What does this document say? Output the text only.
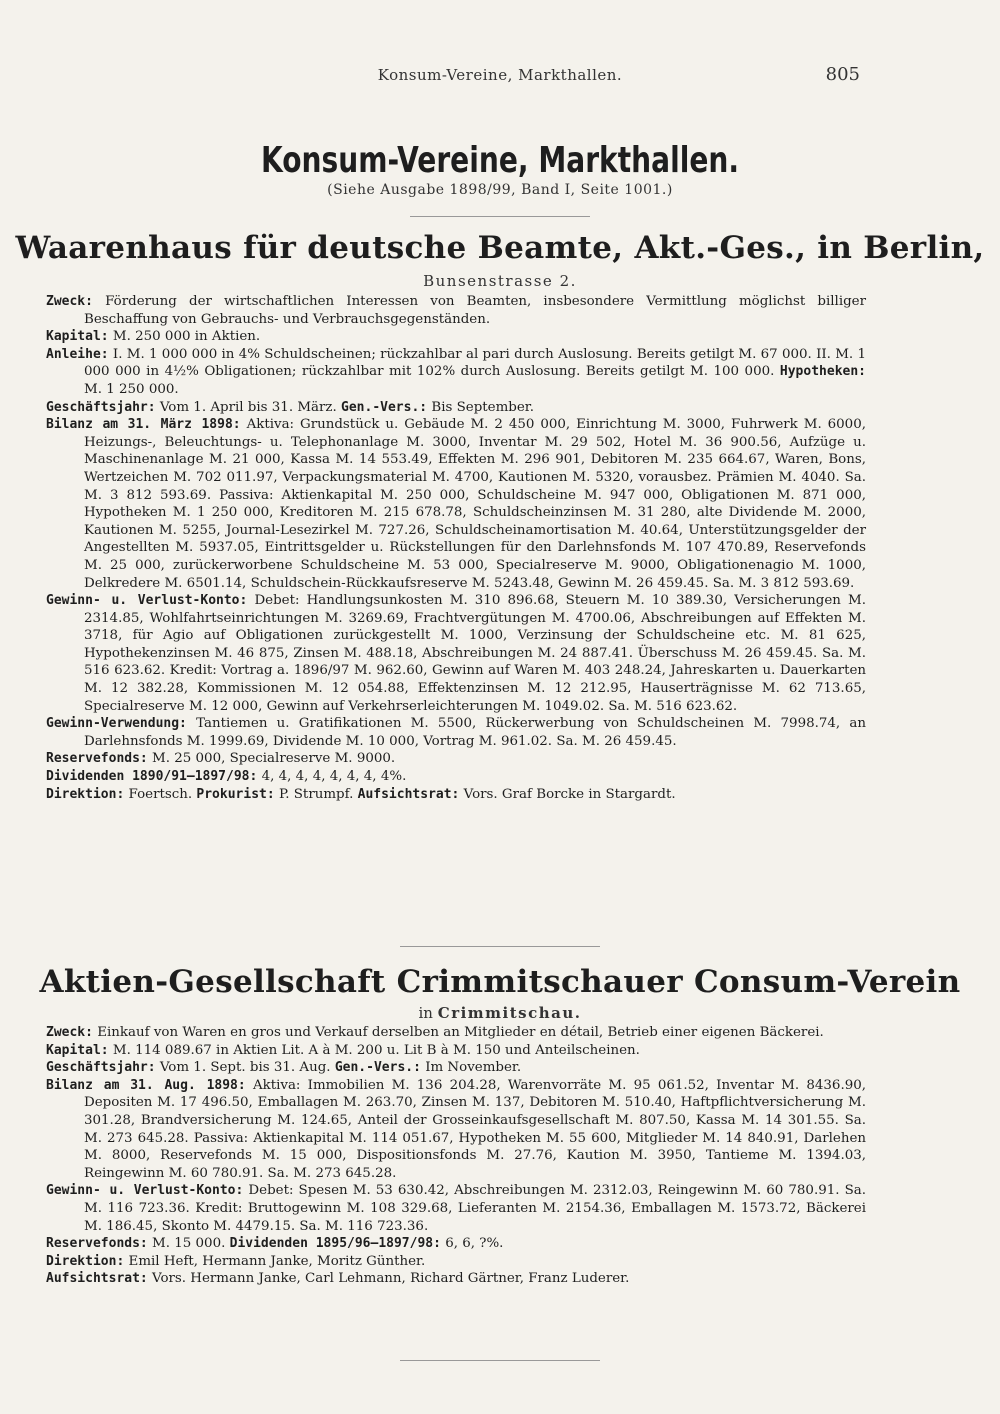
Konsum-Vereine, Markthallen.	805
Konsum-Vereine, Markthallen.
(Siehe Ausgabe 1898/99, Band I, Seite 1001.)
Waarenhaus für deutsche Beamte, Akt.-Ges., in Berlin,
Bunsenstrasse 2.

Zweck: Förderung der wirtschaftlichen Interessen von Beamten, insbesondere Vermittlung möglichst billiger Beschaffung von Gebrauchs- und Verbrauchsgegenständen.

Kapital: M. 250 000 in Aktien.

Anleihe: I. M. 1 000 000 in 4% Schuldscheinen; rückzahlbar al pari durch Auslosung. Bereits getilgt M. 67 000. II. M. 1 000 000 in 4½% Obligationen; rückzahlbar mit 102% durch Auslosung. Bereits getilgt M. 100 000. Hypotheken: M. 1 250 000.

Geschäftsjahr: Vom 1. April bis 31. März. Gen.-Vers.: Bis September.

Bilanz am 31. März 1898: Aktiva: Grundstück u. Gebäude M. 2 450 000, Einrichtung M. 3000, Fuhrwerk M. 6000, Heizungs-, Beleuchtungs- u. Telephonanlage M. 3000, Inventar M. 29 502, Hotel M. 36 900.56, Aufzüge u. Maschinenanlage M. 21 000, Kassa M. 14 553.49, Effekten M. 296 901, Debitoren M. 235 664.67, Waren, Bons, Wertzeichen M. 702 011.97, Verpackungsmaterial M. 4700, Kautionen M. 5320, vorausbez. Prämien M. 4040. Sa. M. 3 812 593.69. Passiva: Aktienkapital M. 250 000, Schuldscheine M. 947 000, Obligationen M. 871 000, Hypotheken M. 1 250 000, Kreditoren M. 215 678.78, Schuldscheinzinsen M. 31 280, alte Dividende M. 2000, Kautionen M. 5255, Journal-Lesezirkel M. 727.26, Schuldscheinamortisation M. 40.64, Unterstützungsgelder der Angestellten M. 5937.05, Eintrittsgelder u. Rückstellungen für den Darlehnsfonds M. 107 470.89, Reservefonds M. 25 000, zurückerworbene Schuldscheine M. 53 000, Specialreserve M. 9000, Obligationenagio M. 1000, Delkredere M. 6501.14, Schuldschein-Rückkaufsreserve M. 5243.48, Gewinn M. 26 459.45. Sa. M. 3 812 593.69.

Gewinn- u. Verlust-Konto: Debet: Handlungsunkosten M. 310 896.68, Steuern M. 10 389.30, Versicherungen M. 2314.85, Wohlfahrtseinrichtungen M. 3269.69, Frachtvergütungen M. 4700.06, Abschreibungen auf Effekten M. 3718, für Agio auf Obligationen zurückgestellt M. 1000, Verzinsung der Schuldscheine etc. M. 81 625, Hypothekenzinsen M. 46 875, Zinsen M. 488.18, Abschreibungen M. 24 887.41. Überschuss M. 26 459.45. Sa. M. 516 623.62. Kredit: Vortrag a. 1896/97 M. 962.60, Gewinn auf Waren M. 403 248.24, Jahreskarten u. Dauerkarten M. 12 382.28, Kommissionen M. 12 054.88, Effektenzinsen M. 12 212.95, Hauserträgnisse M. 62 713.65, Specialreserve M. 12 000, Gewinn auf Verkehrserleichterungen M. 1049.02. Sa. M. 516 623.62.

Gewinn-Verwendung: Tantiemen u. Gratifikationen M. 5500, Rückerwerbung von Schuldscheinen M. 7998.74, an Darlehnsfonds M. 1999.69, Dividende M. 10 000, Vortrag M. 961.02. Sa. M. 26 459.45.

Reservefonds: M. 25 000, Specialreserve M. 9000.

Dividenden 1890/91—1897/98: 4, 4, 4, 4, 4, 4, 4, 4%.

Direktion: Foertsch. Prokurist: P. Strumpf. Aufsichtsrat: Vors. Graf Borcke in Stargardt.

Aktien-Gesellschaft Crimmitschauer Consum-Verein
in Crimmitschau.

Zweck: Einkauf von Waren en gros und Verkauf derselben an Mitglieder en détail, Betrieb einer eigenen Bäckerei.

Kapital: M. 114 089.67 in Aktien Lit. A à M. 200 u. Lit B à M. 150 und Anteilscheinen.

Geschäftsjahr: Vom 1. Sept. bis 31. Aug. Gen.-Vers.: Im November.

Bilanz am 31. Aug. 1898: Aktiva: Immobilien M. 136 204.28, Warenvorräte M. 95 061.52, Inventar M. 8436.90, Depositen M. 17 496.50, Emballagen M. 263.70, Zinsen M. 137, Debitoren M. 510.40, Haftpflichtversicherung M. 301.28, Brandversicherung M. 124.65, Anteil der Grosseinkaufsgesellschaft M. 807.50, Kassa M. 14 301.55. Sa. M. 273 645.28. Passiva: Aktienkapital M. 114 051.67, Hypotheken M. 55 600, Mitglieder M. 14 840.91, Darlehen M. 8000, Reservefonds M. 15 000, Dispositionsfonds M. 27.76, Kaution M. 3950, Tantieme M. 1394.03, Reingewinn M. 60 780.91. Sa. M. 273 645.28.

Gewinn- u. Verlust-Konto: Debet: Spesen M. 53 630.42, Abschreibungen M. 2312.03, Reingewinn M. 60 780.91. Sa. M. 116 723.36. Kredit: Bruttogewinn M. 108 329.68, Lieferanten M. 2154.36, Emballagen M. 1573.72, Bäckerei M. 186.45, Skonto M. 4479.15. Sa. M. 116 723.36.

Reservefonds: M. 15 000. Dividenden 1895/96—1897/98: 6, 6, ?%.

Direktion: Emil Heft, Hermann Janke, Moritz Günther.

Aufsichtsrat: Vors. Hermann Janke, Carl Lehmann, Richard Gärtner, Franz Luderer.
